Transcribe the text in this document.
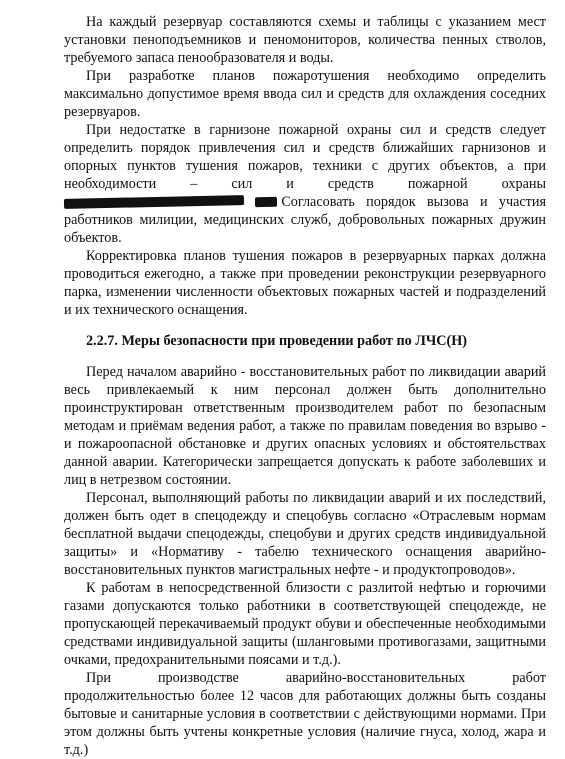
На каждый резервуар составляются схемы и таблицы с указанием мест установки пеноподъемников и пеномониторов, количества пенных стволов, требуемого запаса пенообразователя и воды.

При разработке планов пожаротушения необходимо определить максимально допустимое время ввода сил и средств для охлаждения соседних резервуаров.

При недостатке в гарнизоне пожарной охраны сил и средств следует определить порядок привлечения сил и средств ближайших гарнизонов и опорных пунктов тушения пожаров, техники с других объектов, а при необходимости – сил и средств пожарной охраны  Согласовать порядок вызова и участия работников милиции, медицинских служб, добровольных пожарных дружин объектов.

Корректировка планов тушения пожаров в резервуарных парках должна проводиться ежегодно, а также при проведении реконструкции резервуарного парка, изменении численности объектовых пожарных частей и подразделений и их технического оснащения.

2.2.7. Меры безопасности при проведении работ по ЛЧС(Н)

Перед началом аварийно - восстановительных работ по ликвидации аварий весь привлекаемый к ним персонал должен быть дополнительно проинструктирован ответственным производителем работ по безопасным методам и приёмам ведения работ, а также по правилам поведения во взрыво - и пожароопасной обстановке и других опасных условиях и обстоятельствах данной аварии. Категорически запрещается допускать к работе заболевших и лиц в нетрезвом состоянии.

Персонал, выполняющий работы по ликвидации аварий и их последствий, должен быть одет в спецодежду и спецобувь согласно «Отраслевым нормам бесплатной выдачи спецодежды, спецобуви и других средств индивидуальной защиты» и «Нормативу - табелю технического оснащения аварийно-восстановительных пунктов магистральных нефте - и продуктопроводов».

К работам в непосредственной близости с разлитой нефтью и горючими газами допускаются только работники в соответствующей спецодежде, не пропускающей перекачиваемый продукт обуви и обеспеченные необходимыми средствами индивидуальной защиты (шланговыми противогазами, защитными очками, предохранительными поясами и т.д.).

При производстве аварийно-восстановительных работ продолжительностью более 12 часов для работающих должны быть созданы бытовые и санитарные условия в соответствии с действующими нормами. При этом должны быть учтены конкретные условия (наличие гнуса, холод, жара и т.д.)
